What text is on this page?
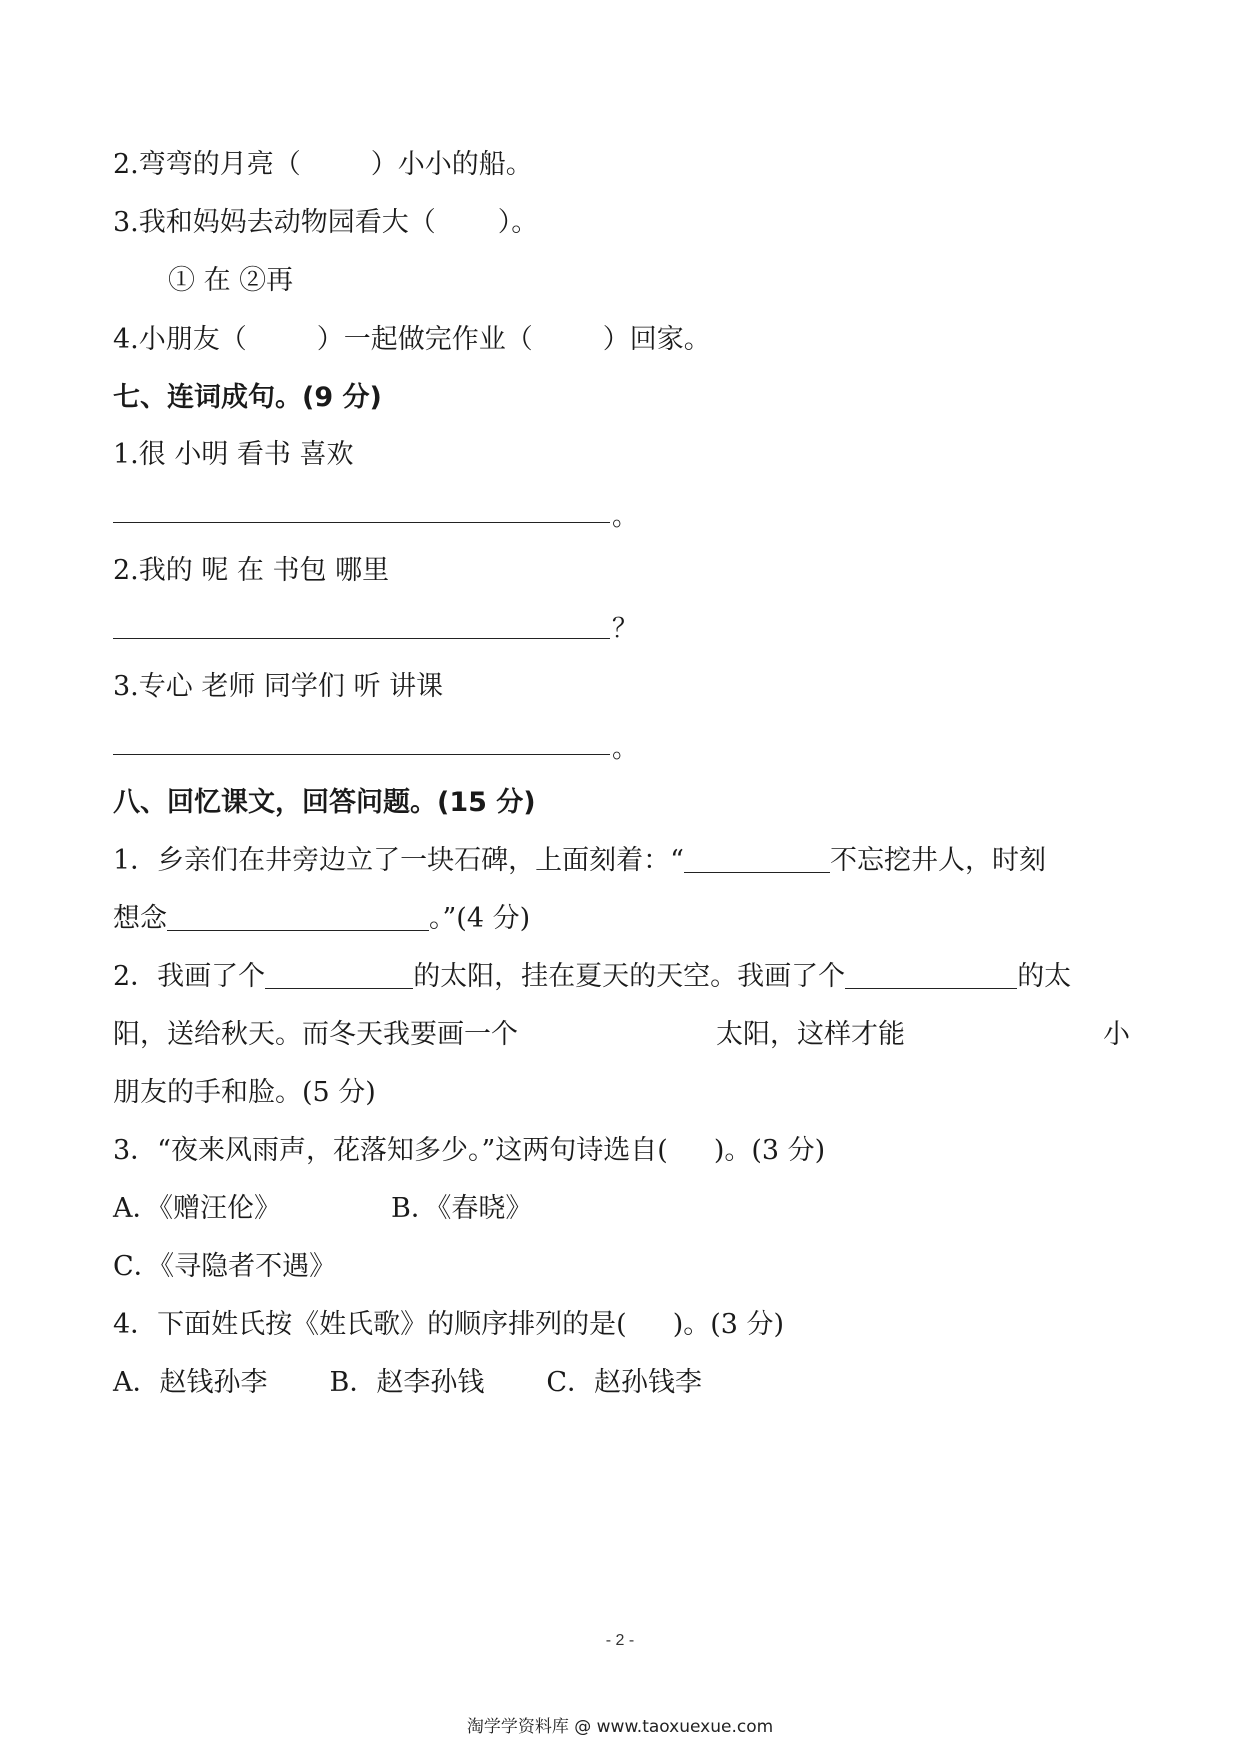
2.弯弯的月亮（	）小小的船。
3.我和妈妈去动物园看大（ ）。
① 在 ②再
4.小朋友（	）一起做完作业（	）回家。
七、连词成句。(9 分)
1.很 小明 看书 喜欢
。
2.我的 呢 在 书包 哪里
？
3.专心 老师 同学们 听 讲课
。
八、回忆课文，回答问题。(15 分)
1．乡亲们在井旁边立了一块石碑，上面刻着：“	不忘挖井人，时刻
想念	。”(4 分)
2．我画了个	的太阳，挂在夏天的天空。我画了个	的太
阳，送给秋天。而冬天我要画一个	太阳，这样才能	小
朋友的手和脸。(5 分)
3．“夜来风雨声，花落知多少。”这两句诗选自( )。(3 分)
A．《赠汪伦》	B．《春晓》
C．《寻隐者不遇》
4．下面姓氏按《姓氏歌》的顺序排列的是( )。(3 分)
A．赵钱孙李 B．赵李孙钱 C．赵孙钱李
- 2 -
淘学学资料库 @ www.taoxuexue.com
